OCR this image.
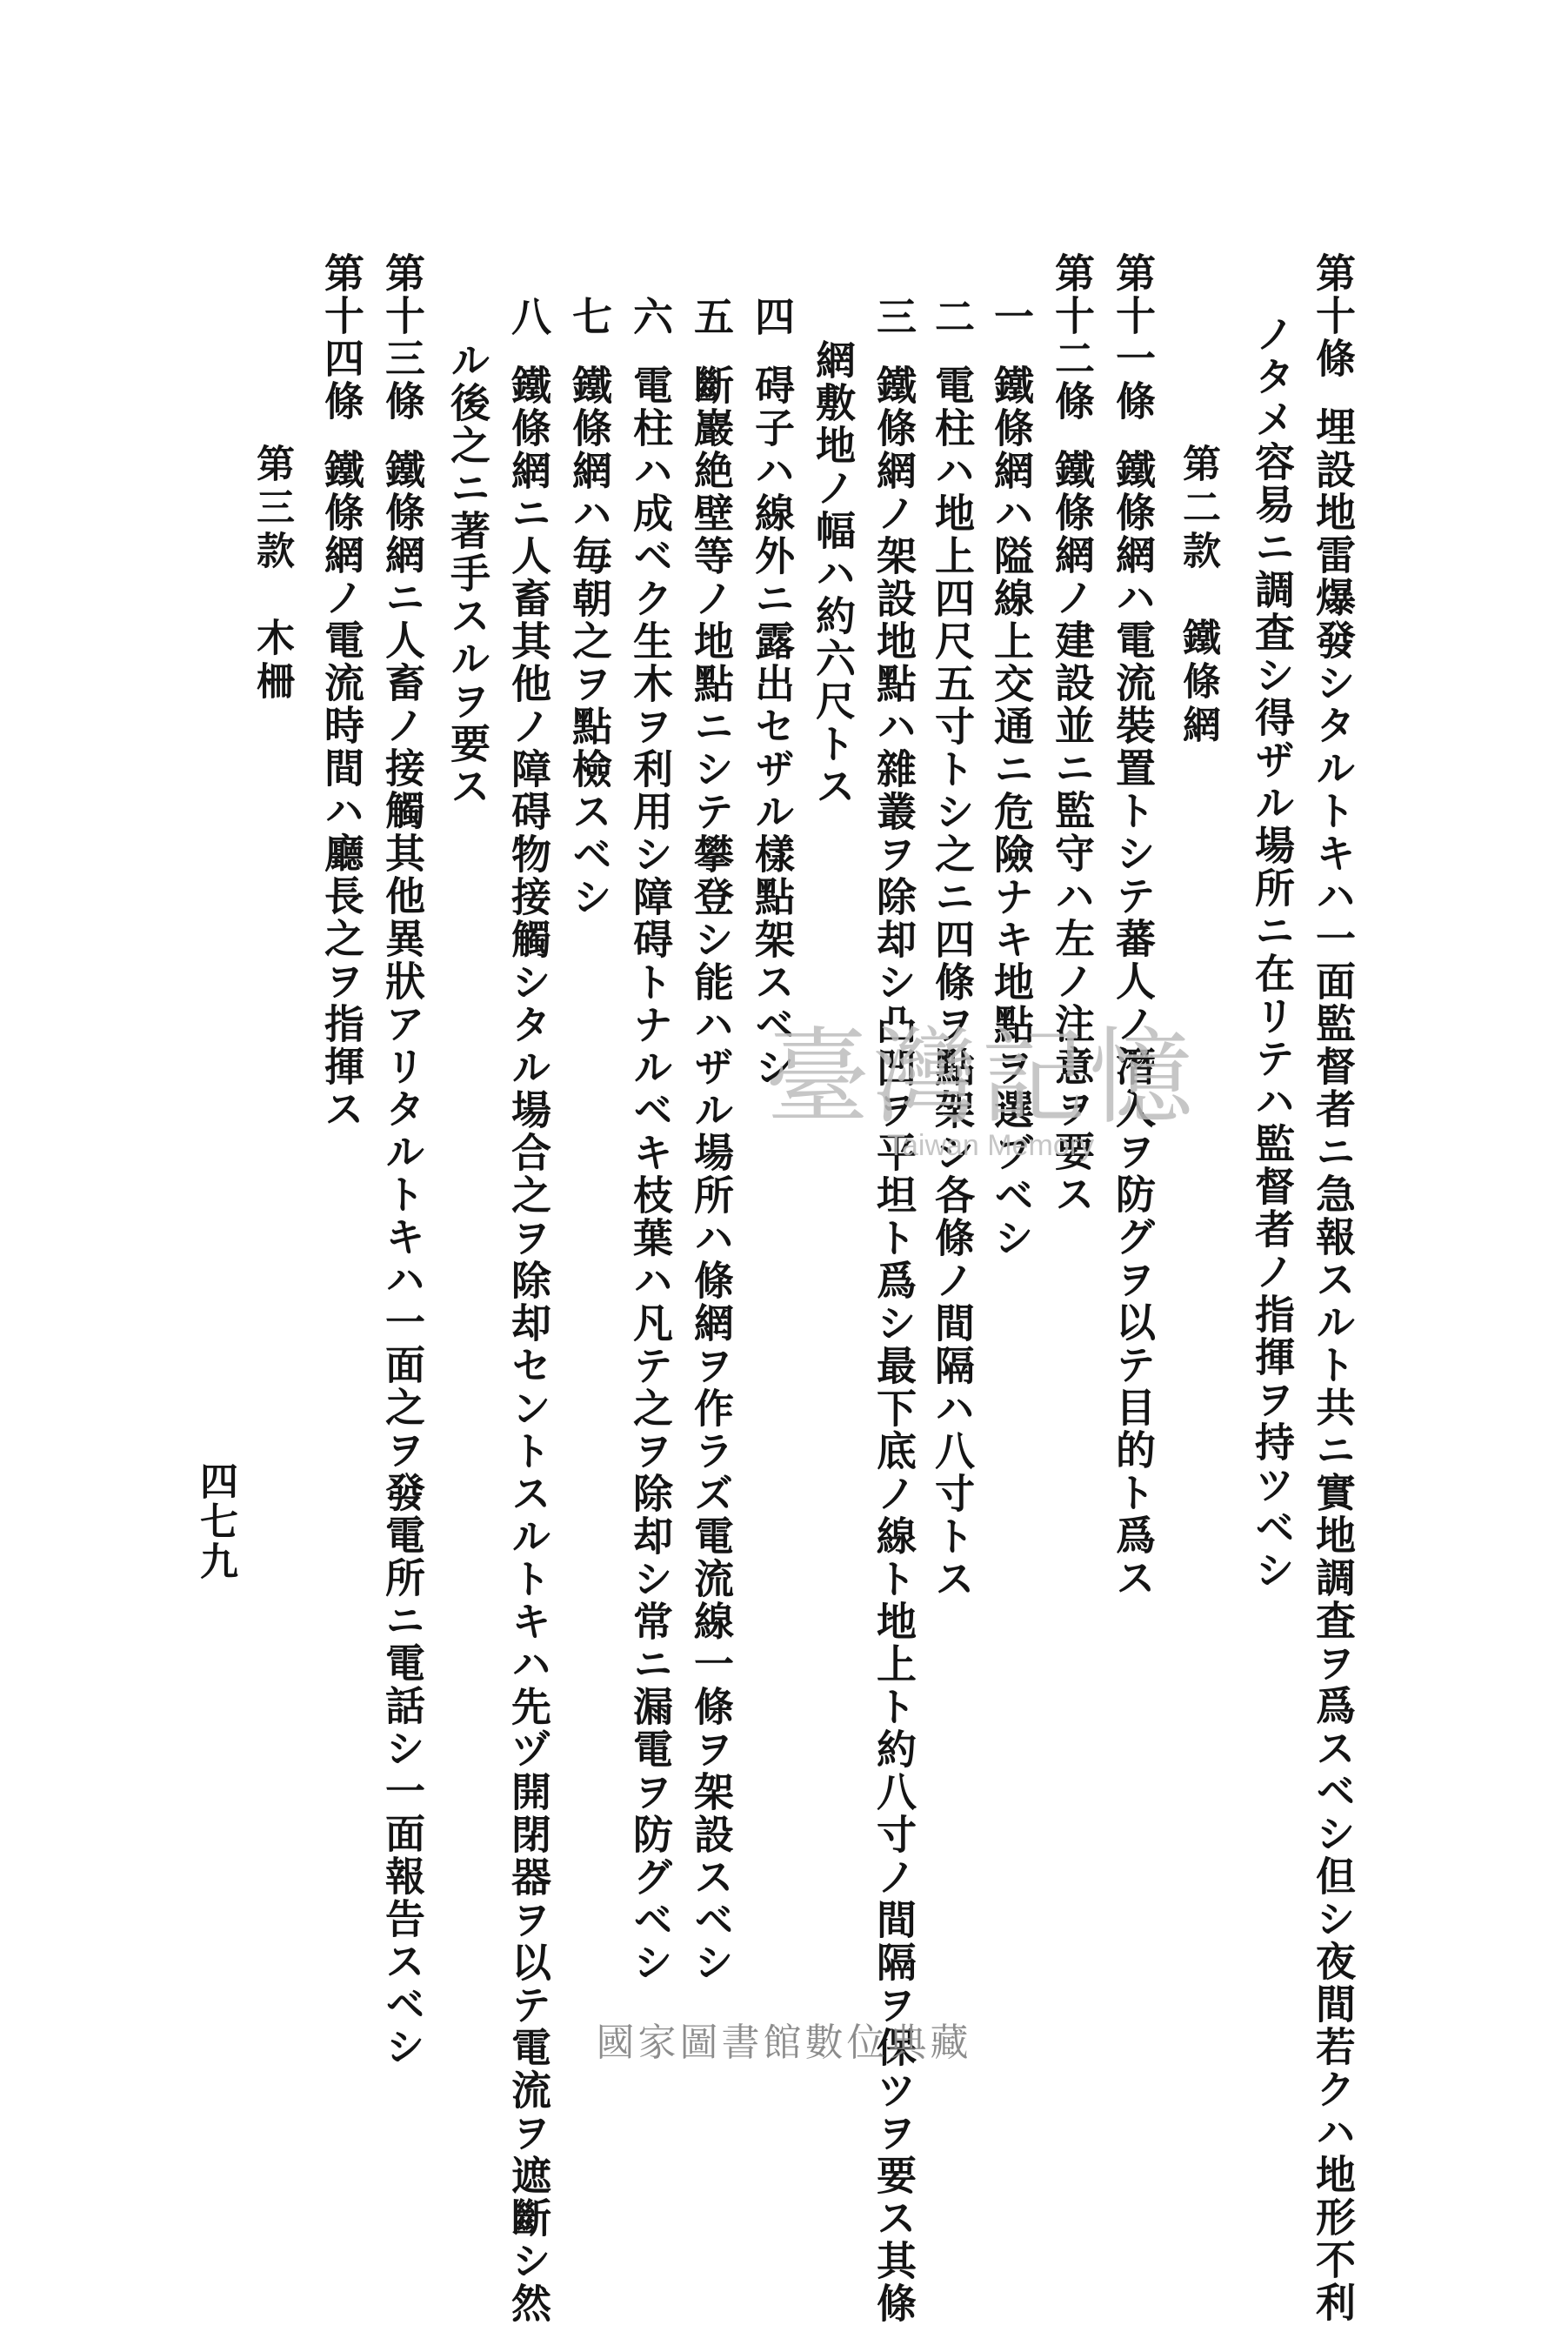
第十條埋設地雷爆發シタルトキハ一面監督者ニ急報スルト共ニ實地調査ヲ爲スベシ但シ夜間若クハ地形不利
ノタメ容易ニ調査シ得ザル場所ニ在リテハ監督者ノ指揮ヲ持ツベシ
第二款　鐵條網
第十一條鐵條網ハ電流裝置トシテ蕃人ノ潛入ヲ防グヲ以テ目的ト爲ス
第十二條鐵條網ノ建設並ニ監守ハ左ノ注意ヲ要ス
一鐵條網ハ隘線上交通ニ危險ナキ地點ヲ選ブベシ
二電柱ハ地上四尺五寸トシ之ニ四條ヲ點架シ各條ノ間隔ハ八寸トス
三鐵條網ノ架設地點ハ雜叢ヲ除却シ凸凹ヲ平坦ト爲シ最下底ノ線ト地上ト約八寸ノ間隔ヲ保ツヲ要ス其條
網敷地ノ幅ハ約六尺トス
四碍子ハ線外ニ露出セザル樣點架スベシ
五斷巖絶壁等ノ地點ニシテ攀登シ能ハザル場所ハ條網ヲ作ラズ電流線一條ヲ架設スベシ
六電柱ハ成ベク生木ヲ利用シ障碍トナルベキ枝葉ハ凡テ之ヲ除却シ常ニ漏電ヲ防グベシ
七鐵條網ハ毎朝之ヲ點檢スベシ
八鐵條網ニ人畜其他ノ障碍物接觸シタル場合之ヲ除却セントスルトキハ先ヅ開閉器ヲ以テ電流ヲ遮斷シ然
ル後之ニ著手スルヲ要ス
第十三條鐵條網ニ人畜ノ接觸其他異狀アリタルトキハ一面之ヲ發電所ニ電話シ一面報告スベシ
第十四條鐵條網ノ電流時間ハ廳長之ヲ指揮ス
第三款　木柵
四七九
臺灣記憶
Taiwan Memory
國家圖書館數位典藏
